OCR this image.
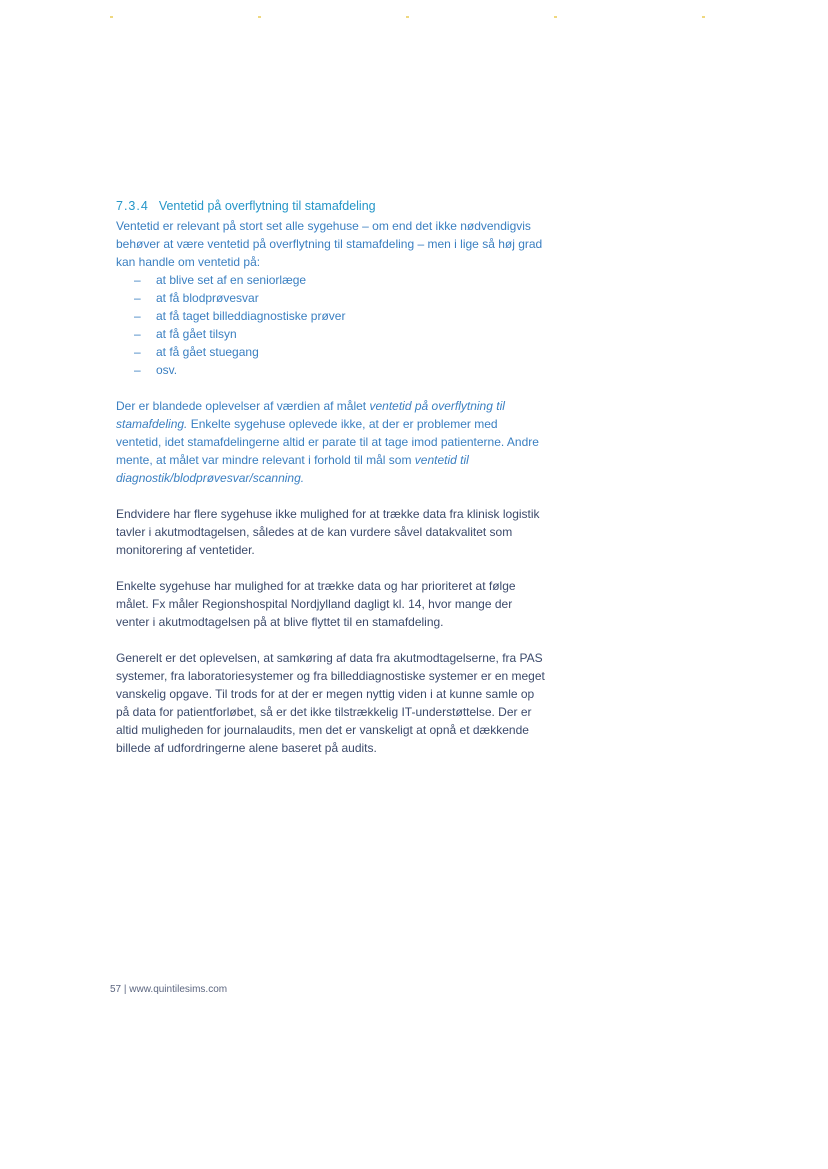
7.3.4 Ventetid på overflytning til stamafdeling

Ventetid er relevant på stort set alle sygehuse – om end det ikke nødvendigvis behøver at være ventetid på overflytning til stamafdeling – men i lige så høj grad kan handle om ventetid på:

–	at blive set af en seniorlæge
–	at få blodprøvesvar
–	at få taget billeddiagnostiske prøver
–	at få gået tilsyn
–	at få gået stuegang
–	osv.

Der er blandede oplevelser af værdien af målet ventetid på overflytning til stamafdeling. Enkelte sygehuse oplevede ikke, at der er problemer med ventetid, idet stamafdelingerne altid er parate til at tage imod patienterne. Andre mente, at målet var mindre relevant i forhold til mål som ventetid til diagnostik/blodprøvesvar/scanning.

Endvidere har flere sygehuse ikke mulighed for at trække data fra klinisk logistik tavler i akutmodtagelsen, således at de kan vurdere såvel datakvalitet som monitorering af ventetider.

Enkelte sygehuse har mulighed for at trække data og har prioriteret at følge målet. Fx måler Regionshospital Nordjylland dagligt kl. 14, hvor mange der venter i akutmodtagelsen på at blive flyttet til en stamafdeling.

Generelt er det oplevelsen, at samkøring af data fra akutmodtagelserne, fra PAS systemer, fra laboratoriesystemer og fra billeddiagnostiske systemer er en meget vanskelig opgave. Til trods for at der er megen nyttig viden i at kunne samle op på data for patientforløbet, så er det ikke tilstrækkelig IT-understøttelse. Der er altid muligheden for journalaudits, men det er vanskeligt at opnå et dækkende billede af udfordringerne alene baseret på audits.

57 | www.quintilesims.com
